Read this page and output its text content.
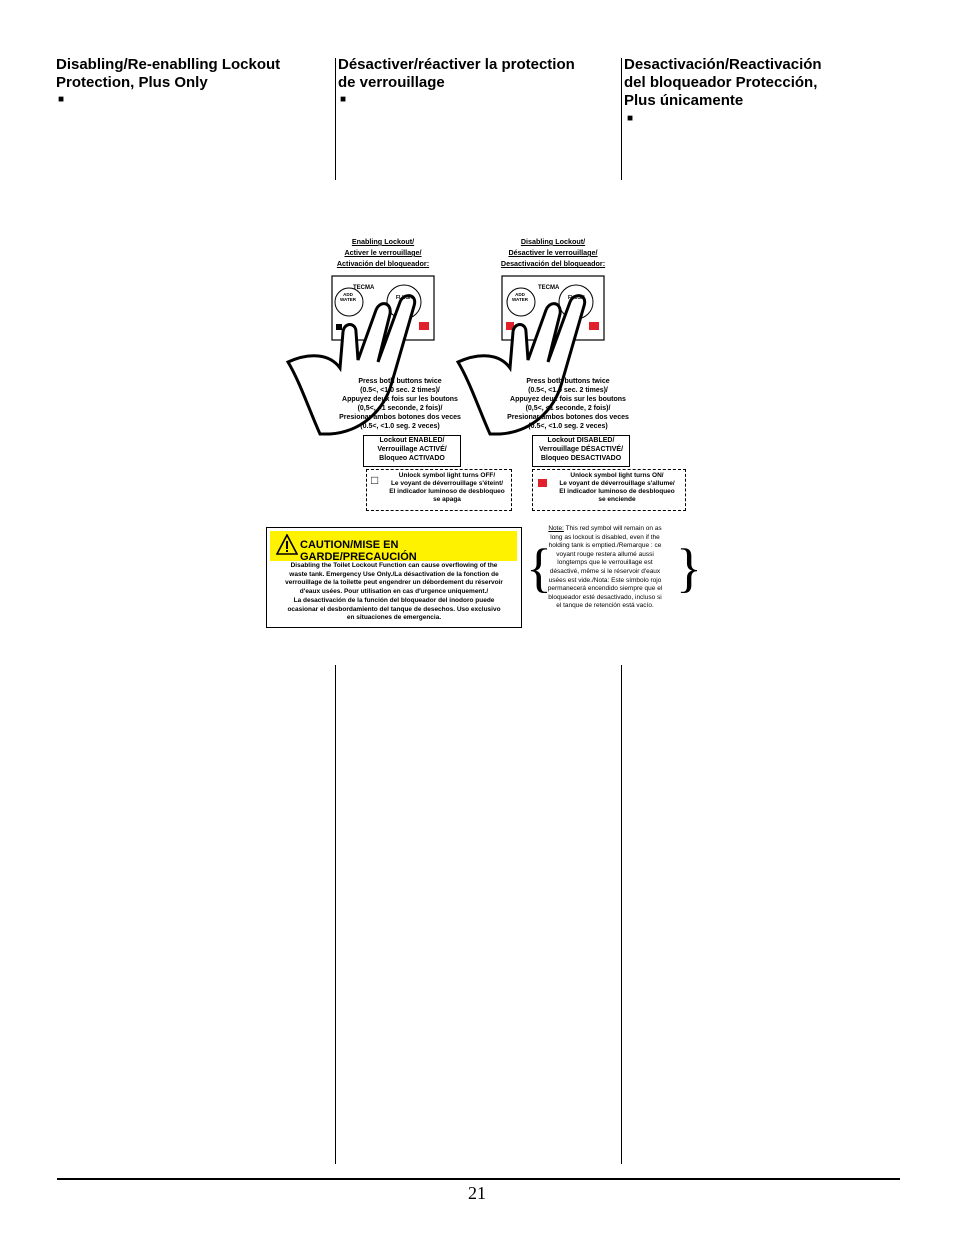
Disabling/Re-enablling Lockout
Protection, Plus Only
■
Désactiver/réactiver la protection
de verrouillage
■
Desactivación/Reactivación
del bloqueador Protección,
Plus únicamente
■
Enabling Lockout/
Activer le verrouillage/
Activación del bloqueador:
TECMA
ADD WATER	FLUSH
Press both buttons twice
(0.5<, <1.0 sec. 2 times)/
Appuyez deux fois sur les boutons
(0,5<, <1 seconde, 2 fois)/
Presionar ambos botones dos veces
(0.5<, <1.0 seg. 2 veces)
Lockout ENABLED/
Verrouillage ACTIVÉ/
Bloqueo ACTIVADO
□	Unlock symbol light turns OFF/
Le voyant de déverrouillage s'éteint/
El indicador luminoso de desbloqueo
se apaga
Disabling Lockout/
Désactiver le verrouillage/
Desactivación del bloqueador:
TECMA
ADD WATER	FLUSH
Press both buttons twice
(0.5<, <1.0 sec. 2 times)/
Appuyez deux fois sur les boutons
(0,5<, <1 seconde, 2 fois)/
Presionar ambos botones dos veces
(0.5<, <1.0 seg. 2 veces)
Lockout DISABLED/
Verrouillage DÉSACTIVÉ/
Bloqueo DESACTIVADO
Unlock symbol light turns ON/
Le voyant de déverrouillage s'allume/
El indicador luminoso de desbloqueo
se enciende
CAUTION/MISE EN GARDE/PRECAUCIÓN
Disabling the Toilet Lockout Function can cause overflowing of the
waste tank. Emergency Use Only./La désactivation de la fonction de
verrouillage de la toilette peut engendrer un débordement du réservoir
d'eaux usées. Pour utilisation en cas d'urgence uniquement./
La desactivación de la función del bloqueador del inodoro puede
ocasionar el desbordamiento del tanque de desechos. Uso exclusivo
en situaciones de emergencia.
{ }
Note: This red symbol will remain on as
long as lockout is disabled, even if the
holding tank is emptied./Remarque : ce
voyant rouge restera allumé aussi
longtemps que le verrouillage est
désactivé, même si le réservoir d'eaux
usées est vide./Nota: Este símbolo rojo
permanecerá encendido siempre que el
bloqueador esté desactivado, incluso si
el tanque de retención está vacío.
21
